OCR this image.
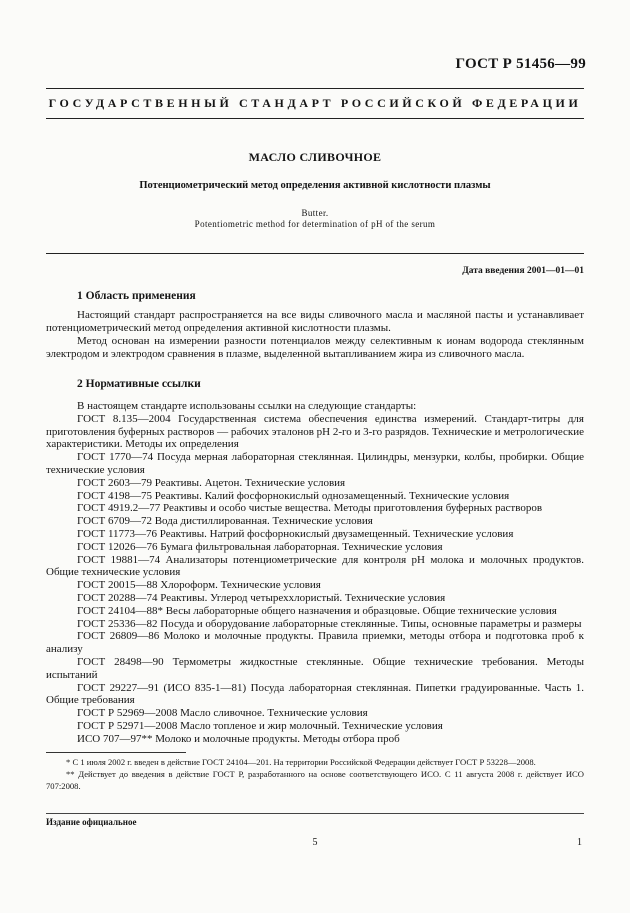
ГОСТ Р 51456—99
ГОСУДАРСТВЕННЫЙ СТАНДАРТ РОССИЙСКОЙ ФЕДЕРАЦИИ
МАСЛО СЛИВОЧНОЕ
Потенциометрический метод определения активной кислотности плазмы
Butter.
Potentiometric method for determination of pH of the serum
Дата введения 2001—01—01
1 Область применения

Настоящий стандарт распространяется на все виды сливочного масла и масляной пасты и устанавливает потенциометрический метод определения активной кислотности плазмы.

Метод основан на измерении разности потенциалов между селективным к ионам водорода стеклянным электродом и электродом сравнения в плазме, выделенной вытапливанием жира из сливочного масла.

2 Нормативные ссылки
В настоящем стандарте использованы ссылки на следующие стандарты:
ГОСТ 8.135—2004 Государственная система обеспечения единства измерений. Стандарт-титры для приготовления буферных растворов — рабочих эталонов pH 2-го и 3-го разрядов. Технические и метрологические характеристики. Методы их определения
ГОСТ 1770—74 Посуда мерная лабораторная стеклянная. Цилиндры, мензурки, колбы, пробирки. Общие технические условия
ГОСТ 2603—79 Реактивы. Ацетон. Технические условия
ГОСТ 4198—75 Реактивы. Калий фосфорнокислый однозамещенный. Технические условия
ГОСТ 4919.2—77 Реактивы и особо чистые вещества. Методы приготовления буферных растворов
ГОСТ 6709—72 Вода дистиллированная. Технические условия
ГОСТ 11773—76 Реактивы. Натрий фосфорнокислый двузамещенный. Технические условия
ГОСТ 12026—76 Бумага фильтровальная лабораторная. Технические условия
ГОСТ 19881—74 Анализаторы потенциометрические для контроля pH молока и молочных продуктов. Общие технические условия
ГОСТ 20015—88 Хлороформ. Технические условия
ГОСТ 20288—74 Реактивы. Углерод четыреххлористый. Технические условия
ГОСТ 24104—88* Весы лабораторные общего назначения и образцовые. Общие технические условия
ГОСТ 25336—82 Посуда и оборудование лабораторные стеклянные. Типы, основные параметры и размеры
ГОСТ 26809—86 Молоко и молочные продукты. Правила приемки, методы отбора и подготовка проб к анализу
ГОСТ 28498—90 Термометры жидкостные стеклянные. Общие технические требования. Методы испытаний
ГОСТ 29227—91 (ИСО 835-1—81) Посуда лабораторная стеклянная. Пипетки градуированные. Часть 1. Общие требования
ГОСТ Р 52969—2008 Масло сливочное. Технические условия
ГОСТ Р 52971—2008 Масло топленое и жир молочный. Технические условия
ИСО 707—97** Молоко и молочные продукты. Методы отбора проб

* С 1 июля 2002 г. введен в действие ГОСТ 24104—201. На территории Российской Федерации действует ГОСТ Р 53228—2008.

** Действует до введения в действие ГОСТ Р, разработанного на основе соответствующего ИСО. С 11 августа 2008 г. действует ИСО 707:2008.

Издание официальное
5	1
